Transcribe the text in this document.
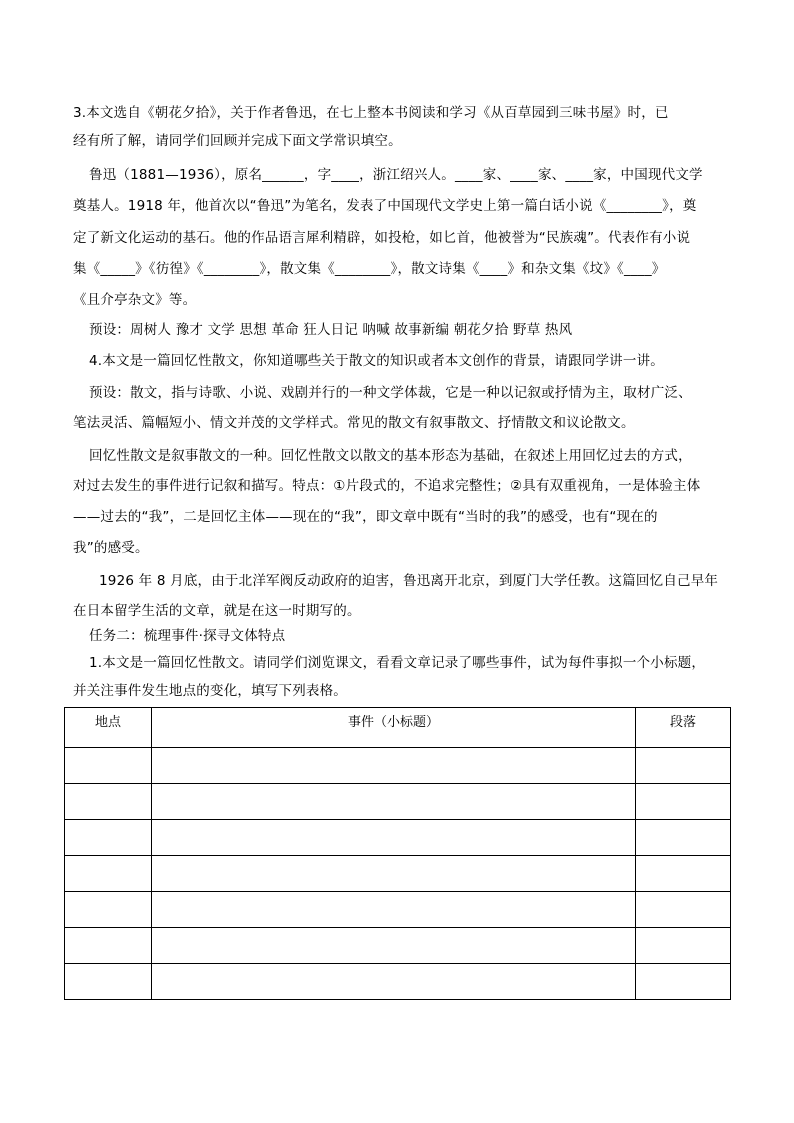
3.本文选自《朝花夕拾》，关于作者鲁迅，在七上整本书阅读和学习《从百草园到三味书屋》时，已
经有所了解，请同学们回顾并完成下面文学常识填空。
鲁迅（1881—1936），原名______，字____，浙江绍兴人。____家、____家、____家，中国现代文学
奠基人。1918 年，他首次以“鲁迅”为笔名，发表了中国现代文学史上第一篇白话小说《________》，奠
定了新文化运动的基石。他的作品语言犀利精辟，如投枪，如匕首，他被誉为“民族魂”。代表作有小说
集《_____》《彷徨》《________》，散文集《________》，散文诗集《____》和杂文集《坟》《____》
《且介亭杂文》等。
预设：周树人 豫才 文学 思想 革命 狂人日记 呐喊 故事新编 朝花夕拾 野草 热风
4.本文是一篇回忆性散文，你知道哪些关于散文的知识或者本文创作的背景，请跟同学讲一讲。
预设：散文，指与诗歌、小说、戏剧并行的一种文学体裁，它是一种以记叙或抒情为主，取材广泛、
笔法灵活、篇幅短小、情文并茂的文学样式。常见的散文有叙事散文、抒情散文和议论散文。
回忆性散文是叙事散文的一种。回忆性散文以散文的基本形态为基础，在叙述上用回忆过去的方式，
对过去发生的事件进行记叙和描写。特点：①片段式的，不追求完整性；②具有双重视角，一是体验主体
——过去的“我”，二是回忆主体——现在的“我”，即文章中既有“当时的我”的感受，也有“现在的
我”的感受。
1926 年 8 月底，由于北洋军阀反动政府的迫害，鲁迅离开北京，到厦门大学任教。这篇回忆自己早年
在日本留学生活的文章，就是在这一时期写的。
任务二：梳理事件·探寻文体特点
1.本文是一篇回忆性散文。请同学们浏览课文，看看文章记录了哪些事件，试为每件事拟一个小标题，
并关注事件发生地点的变化，填写下列表格。
地点	事件（小标题）	段落
